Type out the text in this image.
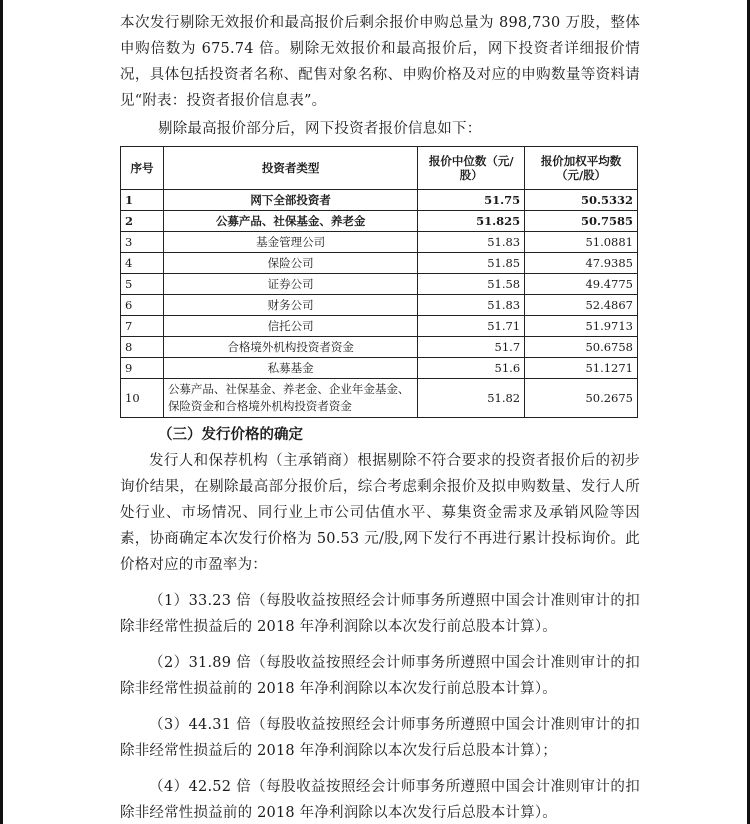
本次发行剔除无效报价和最高报价后剩余报价申购总量为 898,730 万股，整体申购倍数为 675.74 倍。剔除无效报价和最高报价后，网下投资者详细报价情况，具体包括投资者名称、配售对象名称、申购价格及对应的申购数量等资料请见“附表：投资者报价信息表”。

剔除最高报价部分后，网下投资者报价信息如下：

序号	投资者类型	报价中位数（元/股）	报价加权平均数（元/股）
1	网下全部投资者	51.75	50.5332
2	公募产品、社保基金、养老金	51.825	50.7585
3	基金管理公司	51.83	51.0881
4	保险公司	51.85	47.9385
5	证券公司	51.58	49.4775
6	财务公司	51.83	52.4867
7	信托公司	51.71	51.9713
8	合格境外机构投资者资金	51.7	50.6758
9	私募基金	51.6	51.1271
10	公募产品、社保基金、养老金、企业年金基金、保险资金和合格境外机构投资者资金	51.82	50.2675
（三）发行价格的确定

发行人和保荐机构（主承销商）根据剔除不符合要求的投资者报价后的初步询价结果，在剔除最高部分报价后，综合考虑剩余报价及拟申购数量、发行人所处行业、市场情况、同行业上市公司估值水平、募集资金需求及承销风险等因素，协商确定本次发行价格为 50.53 元/股,网下发行不再进行累计投标询价。此价格对应的市盈率为：

（1）33.23 倍（每股收益按照经会计师事务所遵照中国会计准则审计的扣除非经常性损益后的 2018 年净利润除以本次发行前总股本计算）。

（2）31.89 倍（每股收益按照经会计师事务所遵照中国会计准则审计的扣除非经常性损益前的 2018 年净利润除以本次发行前总股本计算）。

（3）44.31 倍（每股收益按照经会计师事务所遵照中国会计准则审计的扣除非经常性损益后的 2018 年净利润除以本次发行后总股本计算）；

（4）42.52 倍（每股收益按照经会计师事务所遵照中国会计准则审计的扣除非经常性损益前的 2018 年净利润除以本次发行后总股本计算）。
